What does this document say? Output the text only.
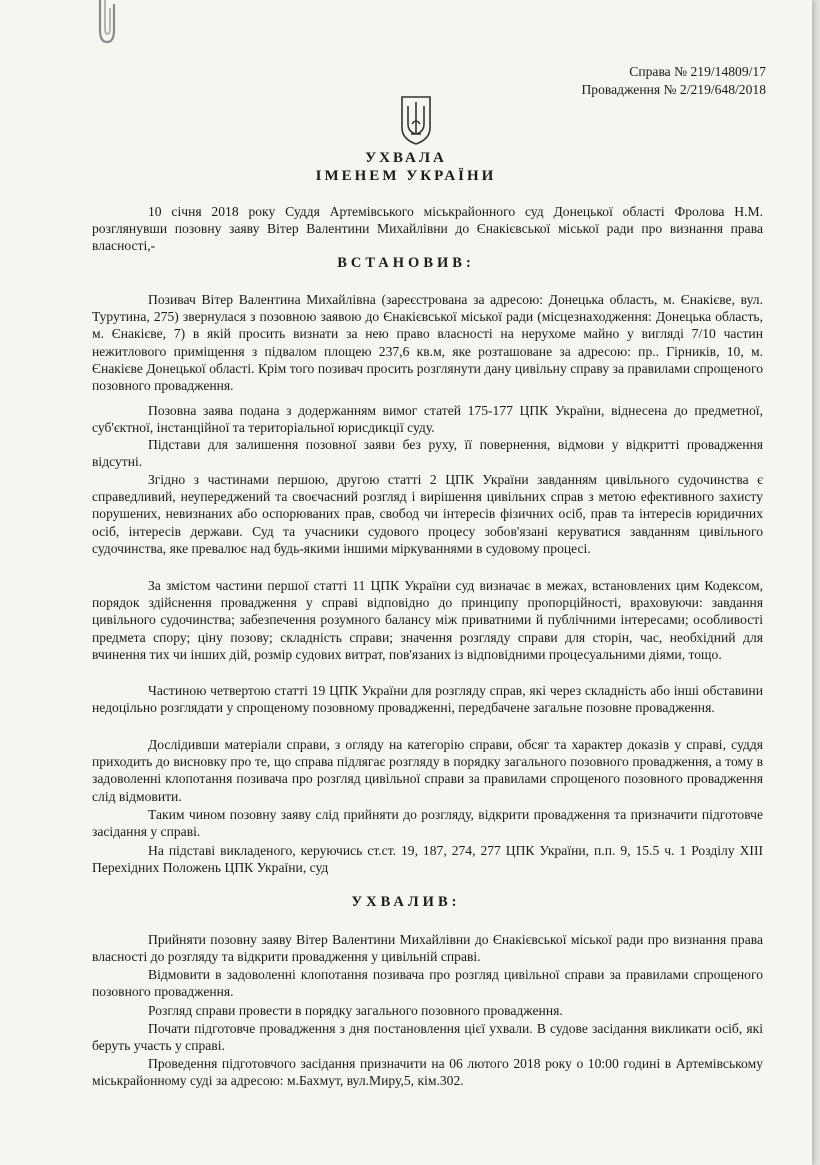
Справа № 219/14809/17
Провадження № 2/219/648/2018
УХВАЛА
ІМЕНЕМ УКРАЇНИ

10 січня 2018 року Суддя Артемівського міськрайонного суд Донецької області Фролова Н.М. розглянувши позовну заяву Вітер Валентини Михайлівни до Єнакієвської міської ради про визнання права власності,-

ВСТАНОВИВ:

Позивач Вітер Валентина Михайлівна (зареєстрована за адресою: Донецька область, м. Єнакієве, вул. Турутина, 275) звернулася з позовною заявою до Єнакієвської міської ради (місцезнаходження: Донецька область, м. Єнакієве, 7) в якій просить визнати за нею право власності на нерухоме майно у вигляді 7/10 частин нежитлового приміщення з підвалом площею 237,6 кв.м, яке розташоване за адресою: пр.. Гірників, 10, м. Єнакієве Донецької області. Крім того позивач просить розглянути дану цивільну справу за правилами спрощеного позовного провадження.

Позовна заява подана з додержанням вимог статей 175-177 ЦПК України, віднесена до предметної, суб'єктної, інстанційної та територіальної юрисдикції суду.

Підстави для залишення позовної заяви без руху, її повернення, відмови у відкритті провадження відсутні.

Згідно з частинами першою, другою статті 2 ЦПК України завданням цивільного судочинства є справедливий, неупереджений та своєчасний розгляд і вирішення цивільних справ з метою ефективного захисту порушених, невизнаних або оспорюваних прав, свобод чи інтересів фізичних осіб, прав та інтересів юридичних осіб, інтересів держави. Суд та учасники судового процесу зобов'язані керуватися завданням цивільного судочинства, яке превалює над будь-якими іншими міркуваннями в судовому процесі.

За змістом частини першої статті 11 ЦПК України суд визначає в межах, встановлених цим Кодексом, порядок здійснення провадження у справі відповідно до принципу пропорційності, враховуючи: завдання цивільного судочинства; забезпечення розумного балансу між приватними й публічними інтересами; особливості предмета спору; ціну позову; складність справи; значення розгляду справи для сторін, час, необхідний для вчинення тих чи інших дій, розмір судових витрат, пов'язаних із відповідними процесуальними діями, тощо.

Частиною четвертою статті 19 ЦПК України для розгляду справ, які через складність або інші обставини недоцільно розглядати у спрощеному позовному провадженні, передбачене загальне позовне провадження.

Дослідивши матеріали справи, з огляду на категорію справи, обсяг та характер доказів у справі, суддя приходить до висновку про те, що справа підлягає розгляду в порядку загального позовного провадження, а тому в задоволенні клопотання позивача про розгляд цивільної справи за правилами спрощеного позовного провадження слід відмовити.

Таким чином позовну заяву слід прийняти до розгляду, відкрити провадження та призначити підготовче засідання у справі.

На підставі викладеного, керуючись ст.ст. 19, 187, 274, 277 ЦПК України, п.п. 9, 15.5 ч. 1 Розділу XIII Перехідних Положень ЦПК України, суд

УХВАЛИВ:

Прийняти позовну заяву Вітер Валентини Михайлівни до Єнакієвської міської ради про визнання права власності до розгляду та відкрити провадження у цивільній справі.

Відмовити в задоволенні клопотання позивача про розгляд цивільної справи за правилами спрощеного позовного провадження.

Розгляд справи провести в порядку загального позовного провадження.

Почати підготовче провадження з дня постановлення цієї ухвали. В судове засідання викликати осіб, які беруть участь у справі.

Проведення підготовчого засідання призначити на 06 лютого 2018 року о 10:00 годині в Артемівському міськрайонному суді за адресою: м.Бахмут, вул.Миру,5, кім.302.
